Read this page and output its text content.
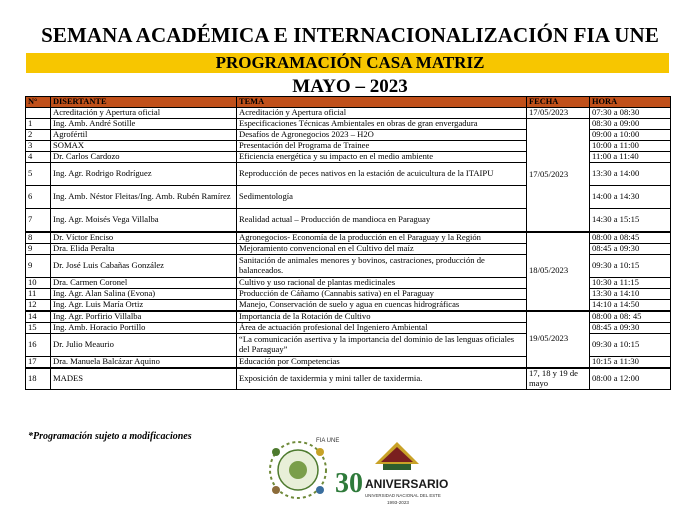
SEMANA ACADÉMICA E INTERNACIONALIZACIÓN FIA UNE
PROGRAMACIÓN CASA MATRIZ
MAYO – 2023
N°	DISERTANTE	TEMA	FECHA	HORA
	Acreditación y Apertura oficial	Acreditación y Apertura oficial	17/05/2023	07:30 a 08:30
1	Ing. Amb. André Sotille	Especificaciones Técnicas Ambientales en obras de gran envergadura	17/05/2023	08:30 a 09:00
2	Agrofértil	Desafíos de Agronegocios 2023 – H2O		09:00 a 10:00
3	SOMAX	Presentación del Programa de Trainee		10:00 a 11:00
4	Dr. Carlos Cardozo	Eficiencia energética y su impacto en el medio ambiente		11:00 a 11:40
5	Ing. Agr. Rodrigo Rodríguez	Reproducción de peces nativos en la estación de acuicultura de la ITAIPU		13:30 a 14:00
6	Ing. Amb. Néstor Fleitas/Ing. Amb. Rubén Ramírez	Sedimentología		14:00 a 14:30
7	Ing. Agr. Moisés Vega Villalba	Realidad actual – Producción de mandioca en Paraguay		14:30 a 15:15
8	Dr. Víctor Enciso	Agronegocios- Economía de la producción en el Paraguay y la Región	18/05/2023	08:00 a 08:45
9	Dra. Elida Peralta	Mejoramiento convencional en el Cultivo del maíz		08:45 a 09:30
9	Dr. José Luis Cabañas González	Sanitación de animales menores y bovinos, castraciones, producción de balanceados.		09:30 a 10:15
10	Dra. Carmen Coronel	Cultivo y uso racional de plantas medicinales		10:30 a 11:15
11	Ing. Agr. Alan Salina (Evona)	Producción de Cáñamo (Cannabis sativa) en el Paraguay		13:30 a 14:10
12	Ing. Agr. Luis María Ortiz	Manejo, Conservación de suelo y agua en cuencas hidrográficas		14:10 a 14:50
14	Ing. Agr. Porfirio Villalba	Importancia de la Rotación de Cultivo	19/05/2023	08:00 a 08: 45
15	Ing. Amb. Horacio Portillo	Área de actuación profesional del Ingeniero Ambiental		08:45 a 09:30
16	Dr. Julio Meaurio	“La comunicación asertiva y la importancia del dominio de las lenguas oficiales del Paraguay”		09:30 a 10:15
17	Dra. Manuela Balcázar Aquino	Educación por Competencias		10:15 a 11:30
18	MADES	Exposición de taxidermia y mini taller de taxidermia.	17, 18 y 19 de mayo	08:00 a 12:00
*Programación sujeto a modificaciones	FIA UNE
30 ANIVERSARIO
UNIVERSIDAD NACIONAL DEL ESTE
1993-2023
